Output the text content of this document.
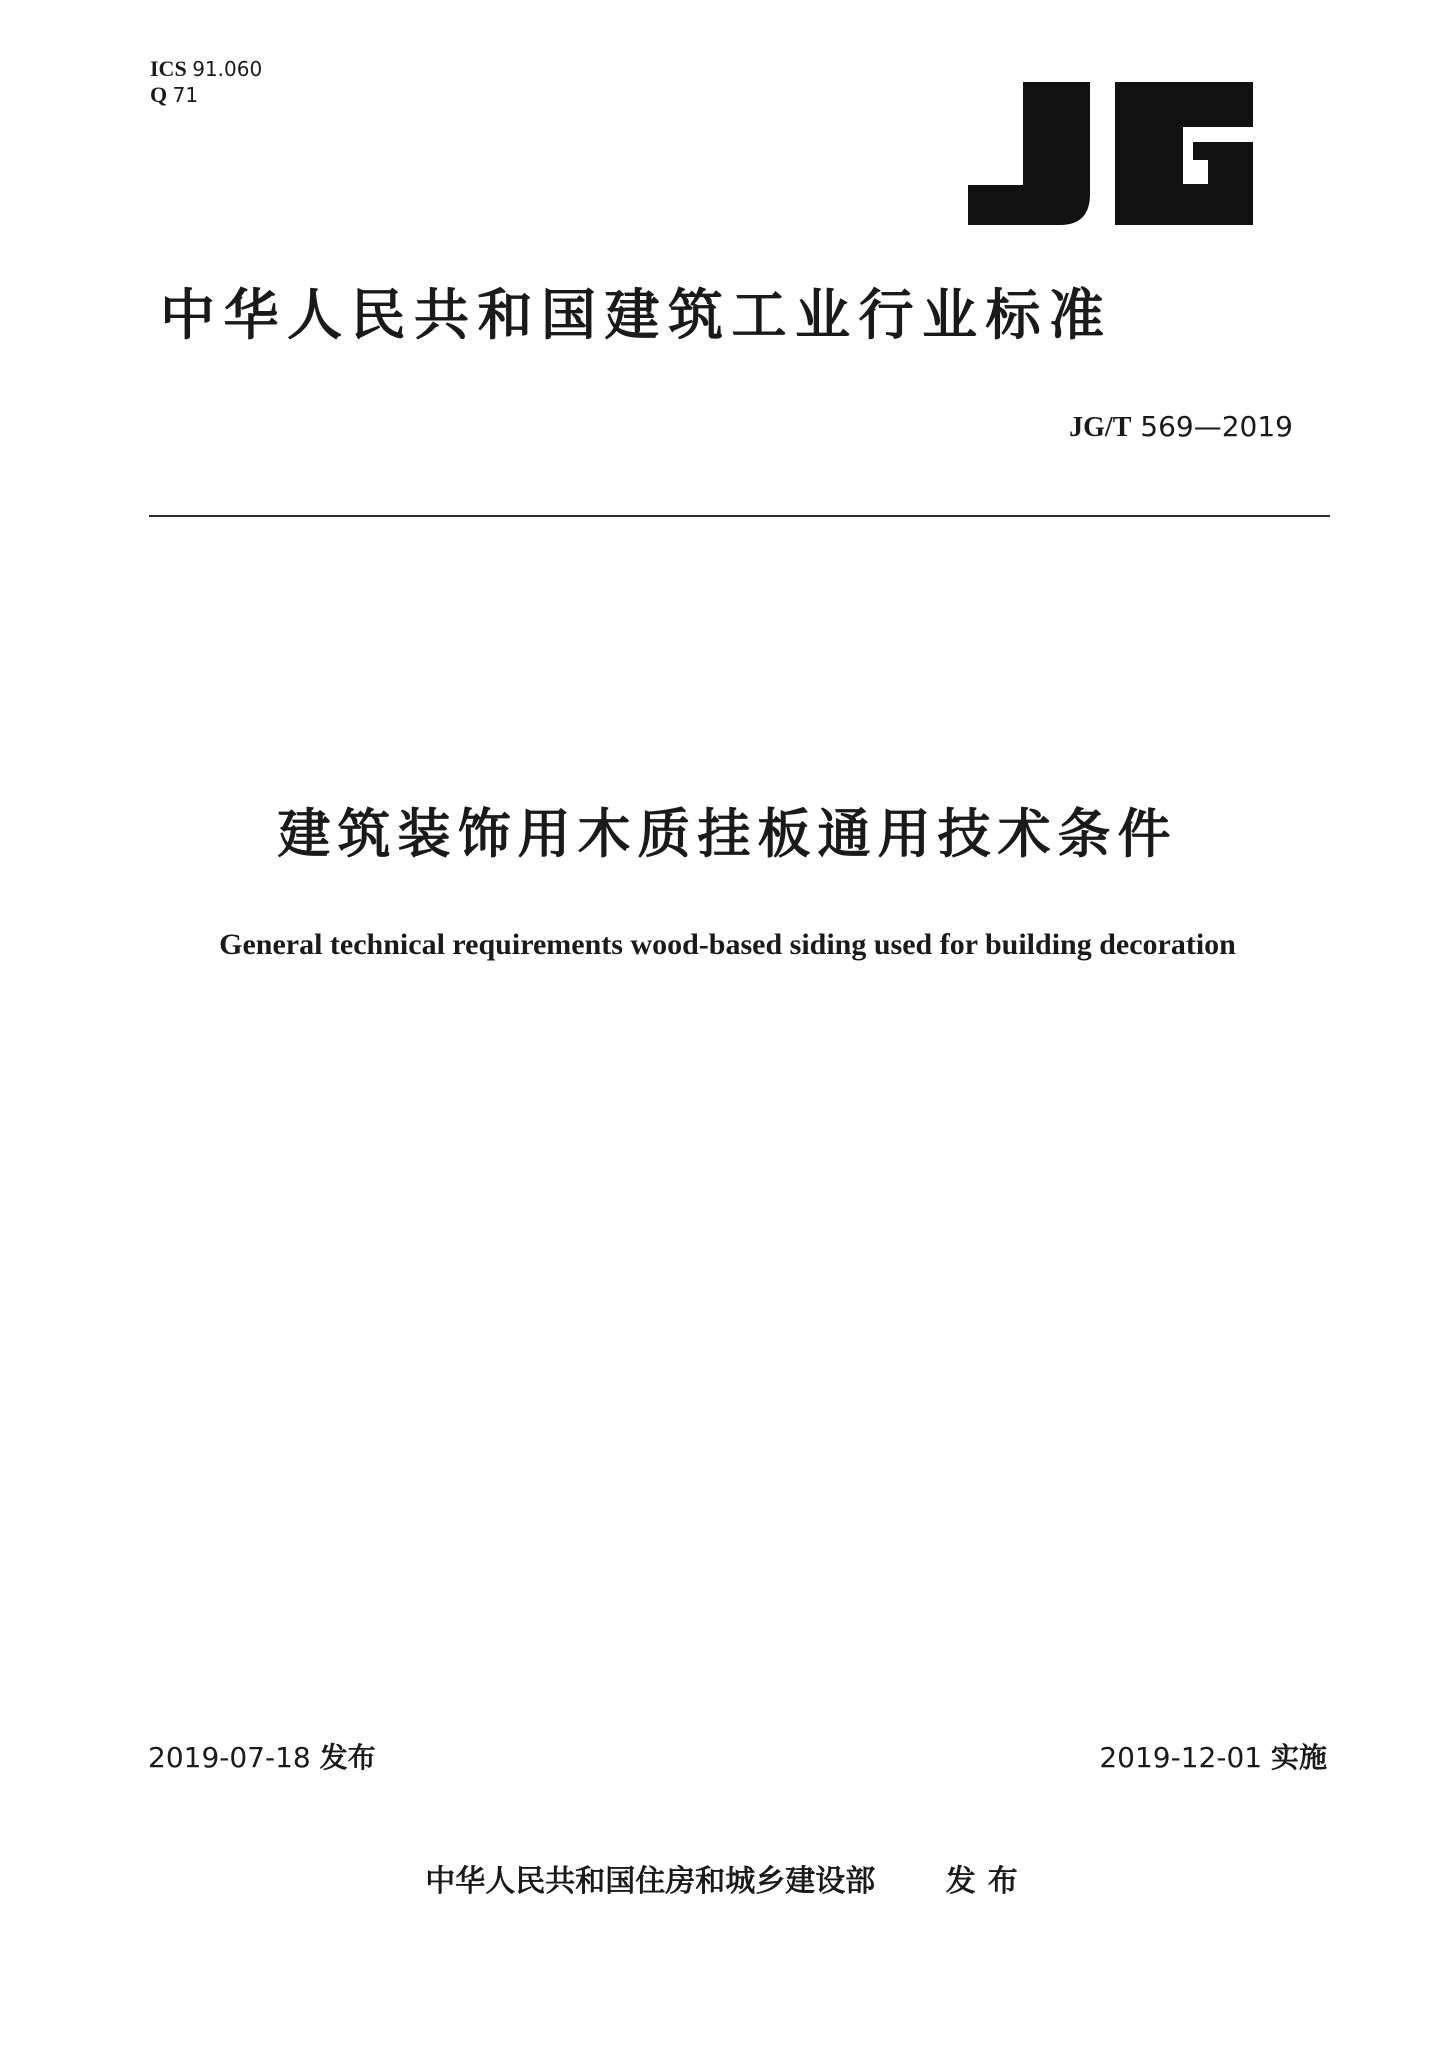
ICS 91.060
Q 71
中华人民共和国建筑工业行业标准
JG/T 569—2019
建筑装饰用木质挂板通用技术条件
General technical requirements wood-based siding used for building decoration
2019-07-18 发布	2019-12-01 实施
中华人民共和国住房和城乡建设部 发布
